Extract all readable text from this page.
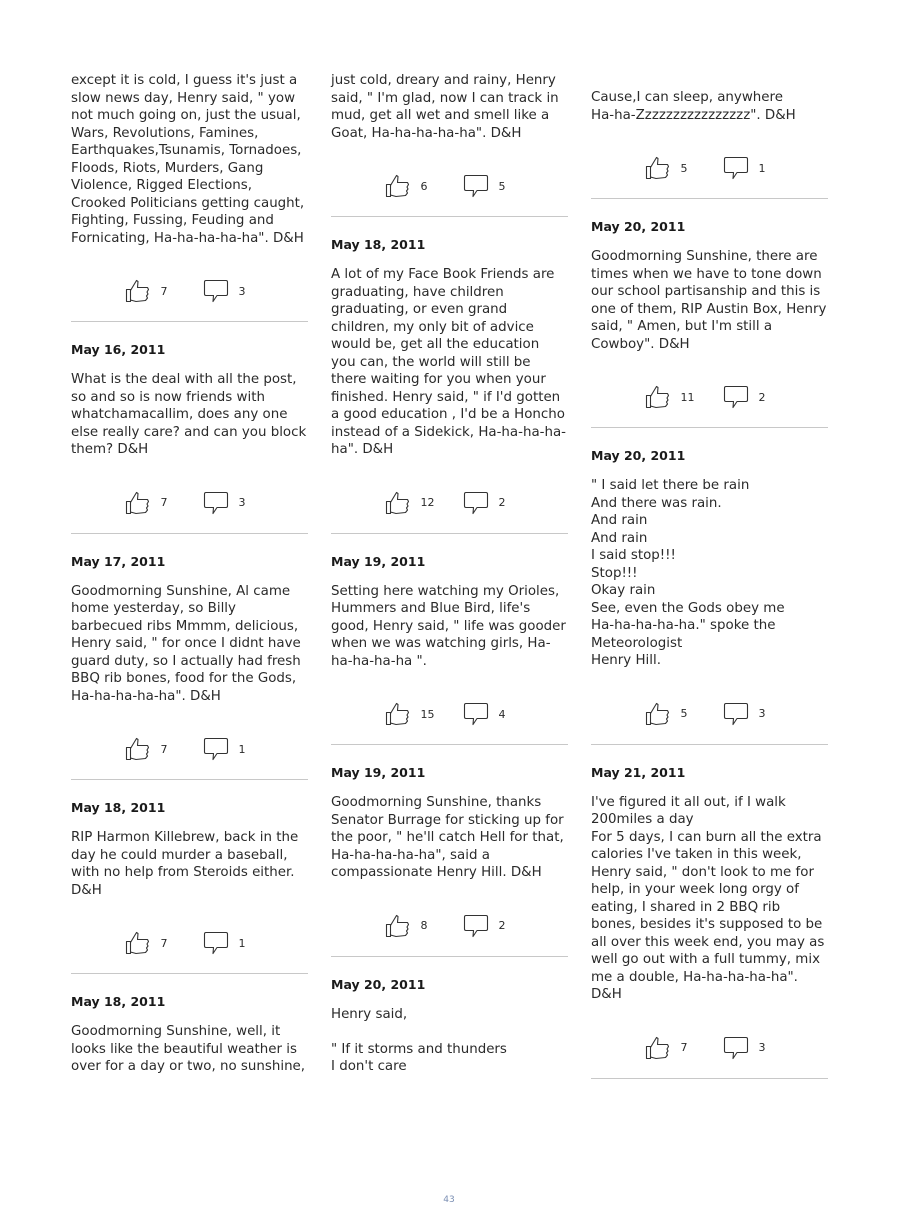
except it is cold, I guess it's just a slow news day, Henry said, " yow not much going on, just the usual, Wars, Revolutions, Famines, Earthquakes,Tsunamis, Tornadoes, Floods, Riots, Murders, Gang Violence, Rigged Elections, Crooked Politicians getting caught, Fighting, Fussing, Feuding and Fornicating, Ha-ha-ha-ha-ha". D&H

7	3
May 16, 2011

What is the deal with all the post, so and so is now friends with whatchamacallim, does any one else really care? and can you block them? D&H

7	3
May 17, 2011

Goodmorning Sunshine, Al came home yesterday, so Billy barbecued ribs Mmmm, delicious, Henry said, " for once I didnt have guard duty, so I actually had fresh BBQ rib bones, food for the Gods, Ha-ha-ha-ha-ha". D&H

7	1
May 18, 2011

RIP Harmon Killebrew, back in the day he could murder a baseball, with no help from Steroids either. D&H

7	1
May 18, 2011

Goodmorning Sunshine, well, it looks like the beautiful weather is over for a day or two, no sunshine,

just cold, dreary and rainy, Henry said, " I'm glad, now I can track in mud, get all wet and smell like a Goat, Ha-ha-ha-ha-ha". D&H

6	5
May 18, 2011

A lot of my Face Book Friends are graduating, have children graduating, or even grand children, my only bit of advice would be, get all the education you can, the world will still be there waiting for you when your finished. Henry said, " if I'd gotten a good education , I'd be a Honcho instead of a Sidekick, Ha-ha-ha-ha-ha". D&H

12	2
May 19, 2011

Setting here watching my Orioles, Hummers and Blue Bird, life's good, Henry said, " life was gooder when we was watching girls, Ha-ha-ha-ha-ha ".

15	4
May 19, 2011

Goodmorning Sunshine, thanks Senator Burrage for sticking up for the poor, " he'll catch Hell for that, Ha-ha-ha-ha-ha", said a compassionate Henry Hill. D&H

8	2
May 20, 2011

Henry said,

" If it storms and thunders
I don't care

Cause,I can sleep, anywhere
Ha-ha-Zzzzzzzzzzzzzzzz". D&H

5	1
May 20, 2011

Goodmorning Sunshine, there are times when we have to tone down our school partisanship and this is one of them, RIP Austin Box, Henry said, " Amen, but I'm still a Cowboy". D&H

11	2
May 20, 2011

" I said let there be rain
And there was rain.
And rain
And rain
I said stop!!!
Stop!!!
Okay rain
See, even the Gods obey me
Ha-ha-ha-ha-ha." spoke the Meteorologist
Henry Hill.

5	3
May 21, 2011

I've figured it all out, if I walk 200miles a day
For 5 days, I can burn all the extra calories I've taken in this week, Henry said, " don't look to me for help, in your week long orgy of eating, I shared in 2 BBQ rib bones, besides it's supposed to be all over this week end, you may as well go out with a full tummy, mix me a double, Ha-ha-ha-ha-ha". D&H

7	3
43
